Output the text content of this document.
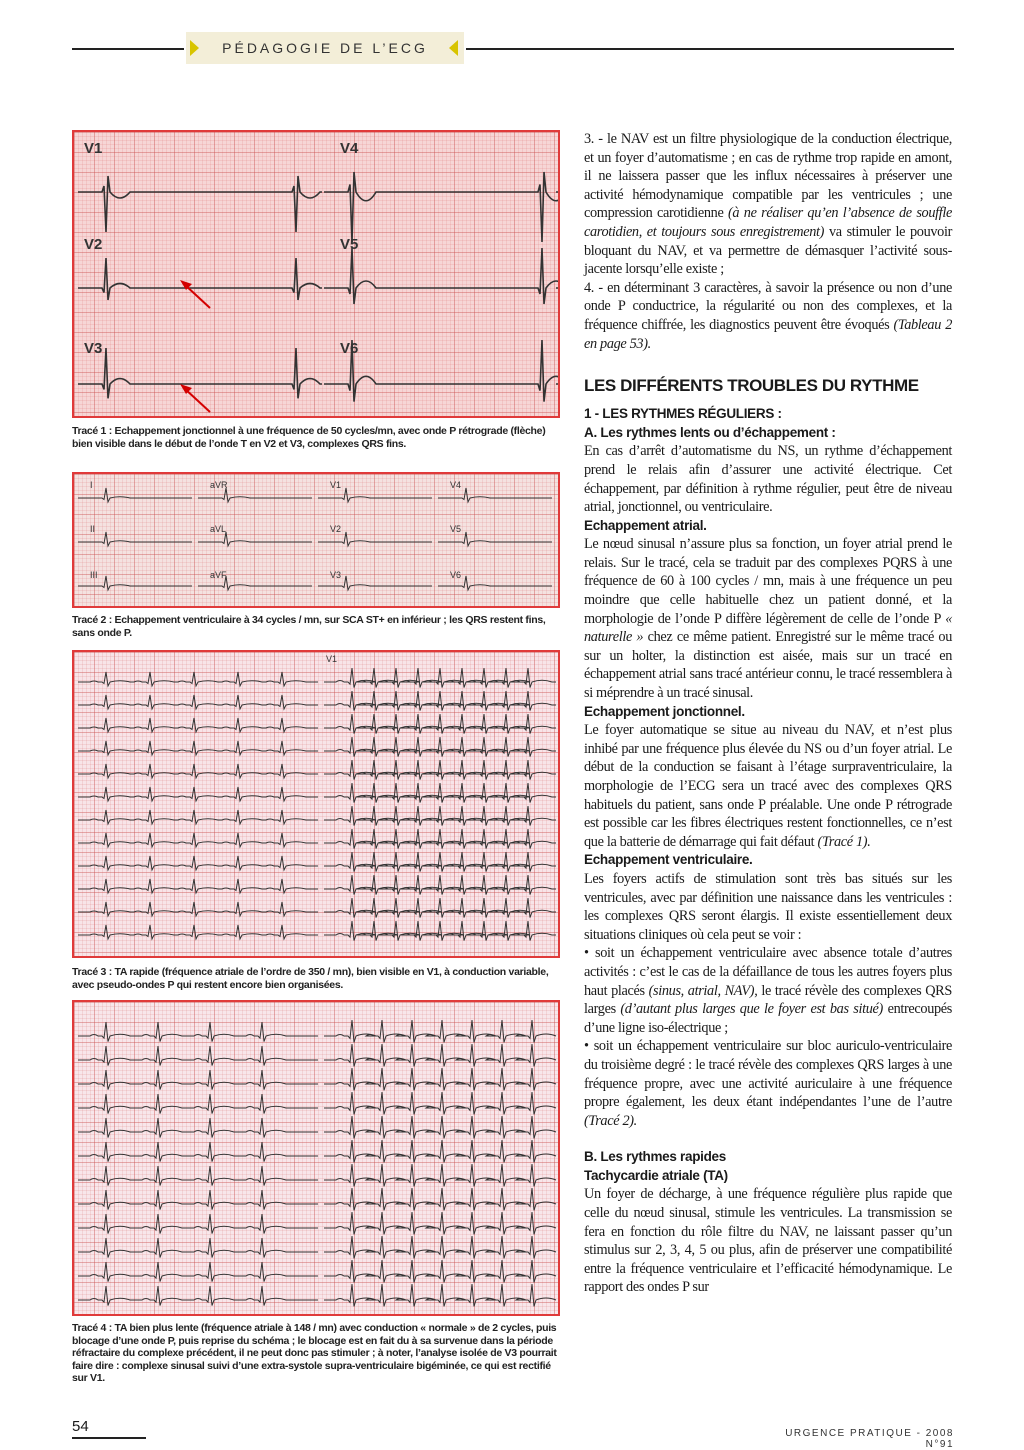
PÉDAGOGIE DE L’ECG
V1
V2
V3
V4
V5
V6
Tracé 1 : Echappement jonctionnel à une fréquence de 50 cycles/mn, avec onde P rétrograde (flèche) bien visible dans le début de l’onde T en V2 et V3, complexes QRS fins.
I
II
III
aVR
aVL
aVF
V1
V2
V3
V4
V5
V6
Tracé 2 : Echappement ventriculaire à 34 cycles / mn, sur SCA ST+ en inférieur ; les QRS restent fins, sans onde P.
V1
Tracé 3 : TA rapide (fréquence atriale de l’ordre de 350 / mn), bien visible en V1, à conduction variable, avec pseudo-ondes P qui restent encore bien organisées.
Tracé 4 : TA bien plus lente (fréquence atriale à 148 / mn) avec conduction « normale » de 2 cycles, puis blocage d’une onde P, puis reprise du schéma ; le blocage est en fait du à sa survenue dans la période réfractaire du complexe précédent, il ne peut donc pas stimuler ; à noter, l’analyse isolée de V3 pourrait faire dire : complexe sinusal suivi d’une extra-systole supra-ventriculaire bigéminée, ce qui est rectifié sur V1.

3. - le NAV est un filtre physiologique de la conduction électrique, et un foyer d’automatisme ; en cas de rythme trop rapide en amont, il ne laissera passer que les influx nécessaires à préserver une activité hémodynamique compatible par les ventricules ; une compression carotidienne (à ne réaliser qu’en l’absence de souffle carotidien, et toujours sous enregistrement) va stimuler le pouvoir bloquant du NAV, et va permettre de démasquer l’activité sous-jacente lorsqu’elle existe ;

4. - en déterminant 3 caractères, à savoir la présence ou non d’une onde P conductrice, la régularité ou non des complexes, et la fréquence chiffrée, les diagnostics peuvent être évoqués (Tableau 2 en page 53).

LES DIFFÉRENTS TROUBLES DU RYTHME
1 - LES RYTHMES RÉGULIERS :
A. Les rythmes lents ou d’échappement :

En cas d’arrêt d’automatisme du NS, un rythme d’échappement prend le relais afin d’assurer une activité électrique. Cet échappement, par définition à rythme régulier, peut être de niveau atrial, jonctionnel, ou ventriculaire.

Echappement atrial.

Le nœud sinusal n’assure plus sa fonction, un foyer atrial prend le relais. Sur le tracé, cela se traduit par des complexes PQRS à une fréquence de 60 à 100 cycles / mn, mais à une fréquence un peu moindre que celle habituelle chez un patient donné, et la morphologie de l’onde P diffère légèrement de celle de l’onde P « naturelle » chez ce même patient. Enregistré sur le même tracé ou sur un holter, la distinction est aisée, mais sur un tracé en échappement atrial sans tracé antérieur connu, le tracé ressemblera à si méprendre à un tracé sinusal.

Echappement jonctionnel.

Le foyer automatique se situe au niveau du NAV, et n’est plus inhibé par une fréquence plus élevée du NS ou d’un foyer atrial. Le début de la conduction se faisant à l’étage surpraventriculaire, la morphologie de l’ECG sera un tracé avec des complexes QRS habituels du patient, sans onde P préalable. Une onde P rétrograde est possible car les fibres électriques restent fonctionnelles, ce n’est que la batterie de démarrage qui fait défaut (Tracé 1).

Echappement ventriculaire.

Les foyers actifs de stimulation sont très bas situés sur les ventricules, avec par définition une naissance dans les ventricules : les complexes QRS seront élargis. Il existe essentiellement deux situations cliniques où cela peut se voir :

• soit un échappement ventriculaire avec absence totale d’autres activités : c’est le cas de la défaillance de tous les autres foyers plus haut placés (sinus, atrial, NAV), le tracé révèle des complexes QRS larges (d’autant plus larges que le foyer est bas situé) entrecoupés d’une ligne iso-électrique ;

• soit un échappement ventriculaire sur bloc auriculo-ventriculaire du troisième degré : le tracé révèle des complexes QRS larges à une fréquence propre, avec une activité auriculaire à une fréquence propre également, les deux étant indépendantes l’une de l’autre (Tracé 2).

B. Les rythmes rapides
Tachycardie atriale (TA)

Un foyer de décharge, à une fréquence régulière plus rapide que celle du nœud sinusal, stimule les ventricules. La transmission se fera en fonction du rôle filtre du NAV, ne laissant passer qu’un stimulus sur 2, 3, 4, 5 ou plus, afin de préserver une compatibilité entre la fréquence ventriculaire et l’efficacité hémodynamique. Le rapport des ondes P sur

54	URGENCE PRATIQUE - 2008 N°91
